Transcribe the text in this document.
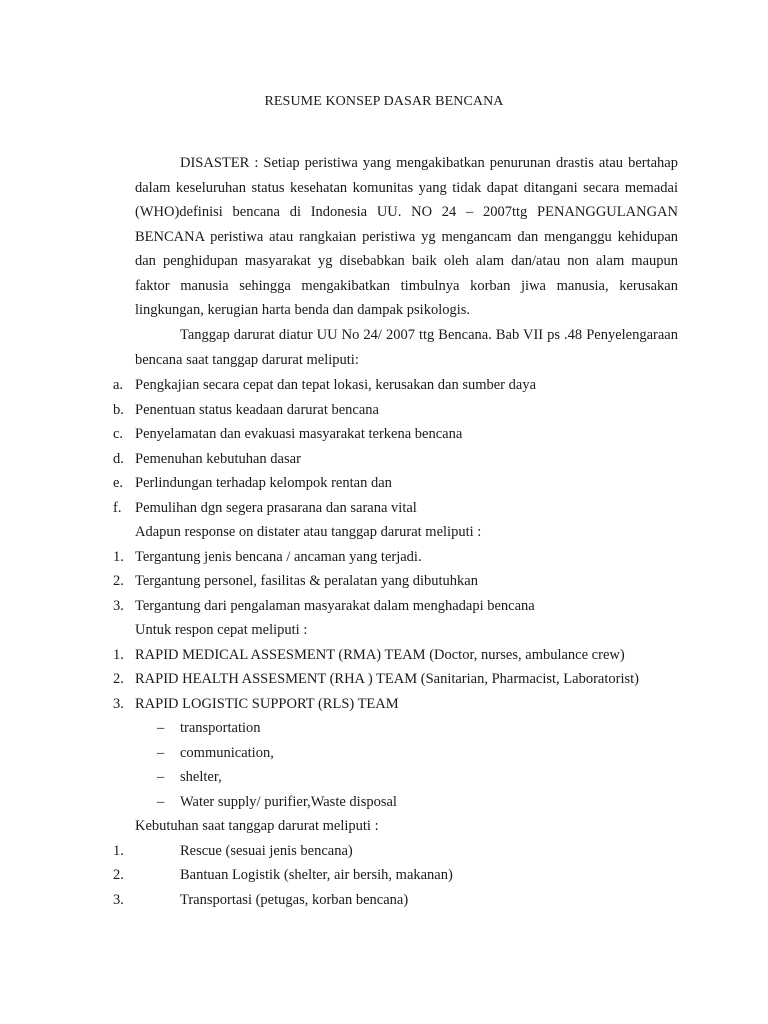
RESUME KONSEP DASAR BENCANA
DISASTER : Setiap peristiwa yang mengakibatkan penurunan drastis atau bertahap dalam keseluruhan status kesehatan komunitas yang tidak dapat ditangani secara memadai (WHO)definisi bencana di Indonesia UU. NO 24 – 2007ttg PENANGGULANGAN BENCANA peristiwa atau rangkaian peristiwa yg mengancam dan menganggu kehidupan dan penghidupan masyarakat yg disebabkan baik oleh alam dan/atau non alam maupun faktor manusia sehingga mengakibatkan timbulnya korban jiwa manusia, kerusakan lingkungan, kerugian harta benda dan dampak psikologis.
Tanggap darurat diatur UU No 24/ 2007 ttg Bencana. Bab VII ps .48 Penyelengaraan bencana saat tanggap darurat meliputi:
a. Pengkajian secara cepat dan tepat lokasi, kerusakan dan sumber daya
b. Penentuan status keadaan darurat bencana
c. Penyelamatan dan evakuasi masyarakat terkena bencana
d. Pemenuhan kebutuhan dasar
e. Perlindungan terhadap kelompok rentan dan
f. Pemulihan dgn segera prasarana dan sarana vital
Adapun response on distater atau tanggap darurat meliputi :
1. Tergantung jenis bencana / ancaman yang terjadi.
2. Tergantung personel, fasilitas & peralatan yang dibutuhkan
3. Tergantung dari pengalaman masyarakat dalam menghadapi bencana
Untuk respon cepat meliputi :
1. RAPID MEDICAL ASSESMENT (RMA) TEAM (Doctor, nurses, ambulance crew)
2. RAPID HEALTH ASSESMENT (RHA ) TEAM (Sanitarian, Pharmacist, Laboratorist)
3. RAPID LOGISTIC SUPPORT (RLS) TEAM
– transportation
– communication,
– shelter,
– Water supply/ purifier,Waste disposal
Kebutuhan saat tanggap darurat meliputi :
1.	Rescue (sesuai jenis bencana)
2.	Bantuan Logistik (shelter, air bersih, makanan)
3.	Transportasi (petugas, korban bencana)
